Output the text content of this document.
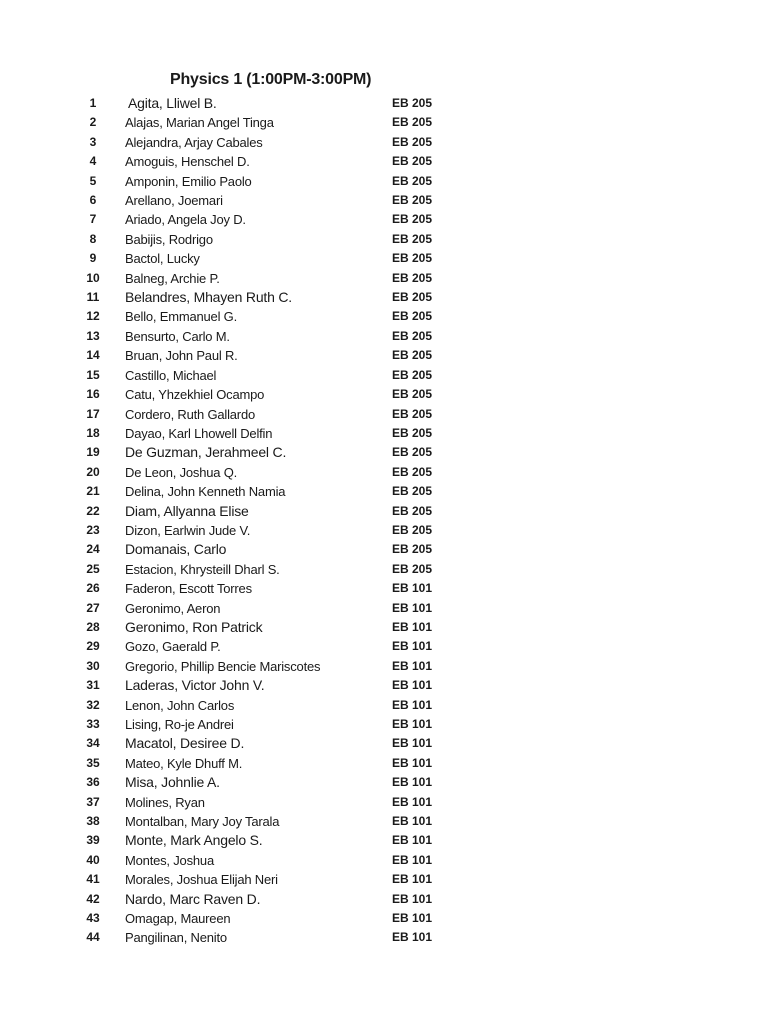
Physics 1 (1:00PM-3:00PM)
1	Agita, Lliwel B.	EB 205
2	Alajas, Marian Angel Tinga	EB 205
3	Alejandra, Arjay Cabales	EB 205
4	Amoguis, Henschel D.	EB 205
5	Amponin, Emilio Paolo	EB 205
6	Arellano, Joemari	EB 205
7	Ariado, Angela Joy D.	EB 205
8	Babijis, Rodrigo	EB 205
9	Bactol, Lucky	EB 205
10	Balneg, Archie P.	EB 205
11	Belandres, Mhayen Ruth C.	EB 205
12	Bello, Emmanuel G.	EB 205
13	Bensurto, Carlo M.	EB 205
14	Bruan, John Paul R.	EB 205
15	Castillo, Michael	EB 205
16	Catu, Yhzekhiel Ocampo	EB 205
17	Cordero, Ruth Gallardo	EB 205
18	Dayao, Karl Lhowell Delfin	EB 205
19	De Guzman, Jerahmeel C.	EB 205
20	De Leon, Joshua Q.	EB 205
21	Delina, John Kenneth Namia	EB 205
22	Diam, Allyanna Elise	EB 205
23	Dizon, Earlwin Jude V.	EB 205
24	Domanais, Carlo	EB 205
25	Estacion, Khrysteill Dharl S.	EB 205
26	Faderon, Escott Torres	EB 101
27	Geronimo, Aeron	EB 101
28	Geronimo, Ron Patrick	EB 101
29	Gozo, Gaerald P.	EB 101
30	Gregorio, Phillip Bencie Mariscotes	EB 101
31	Laderas, Victor John V.	EB 101
32	Lenon, John Carlos	EB 101
33	Lising, Ro-je Andrei	EB 101
34	Macatol, Desiree D.	EB 101
35	Mateo, Kyle Dhuff M.	EB 101
36	Misa, Johnlie A.	EB 101
37	Molines, Ryan	EB 101
38	Montalban, Mary Joy Tarala	EB 101
39	Monte, Mark Angelo S.	EB 101
40	Montes, Joshua	EB 101
41	Morales, Joshua Elijah Neri	EB 101
42	Nardo, Marc Raven D.	EB 101
43	Omagap, Maureen	EB 101
44	Pangilinan, Nenito	EB 101
